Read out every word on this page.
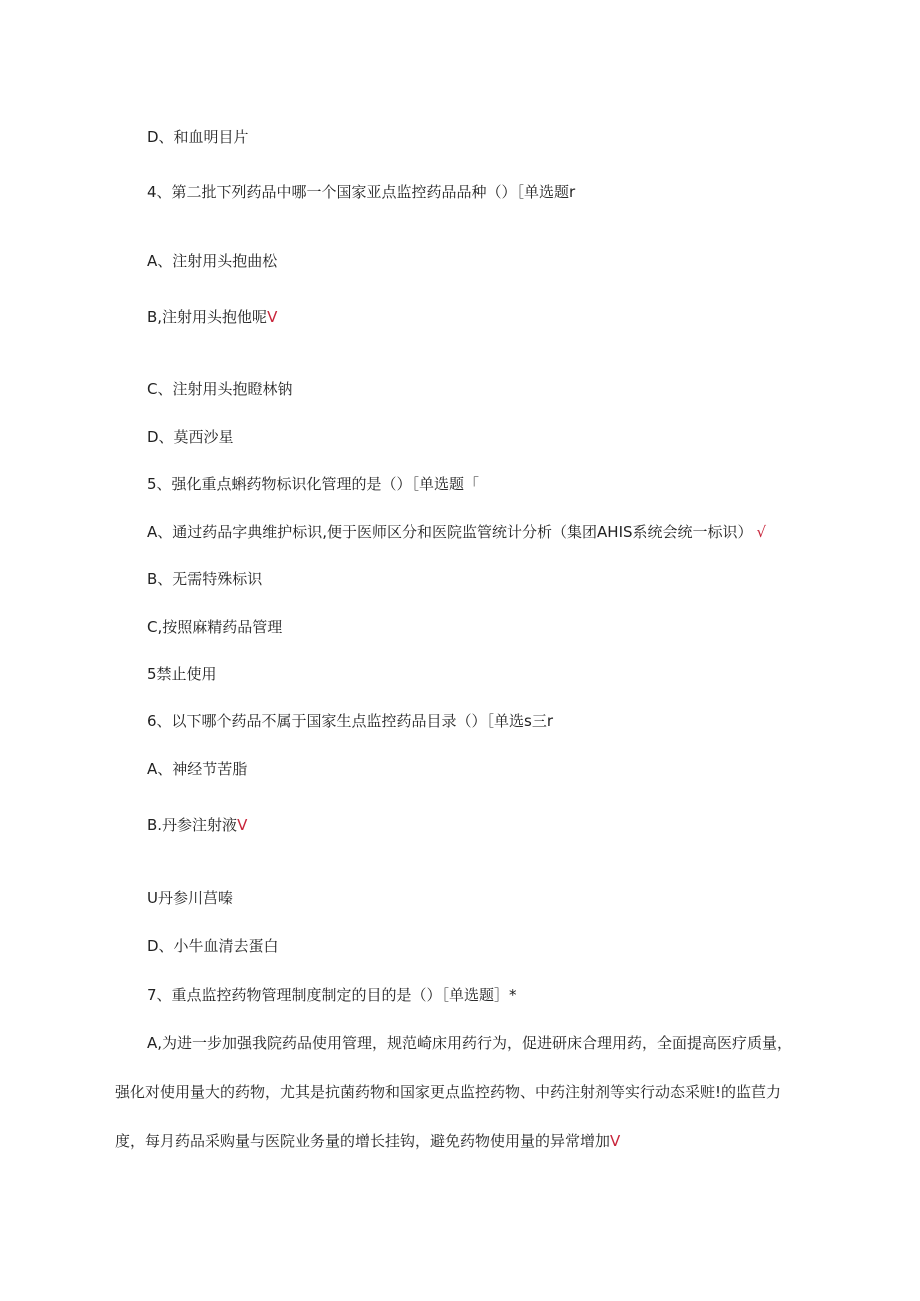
D、和血明目片
4、第二批下列药品中哪一个国家亚点监控药品品种（）［单选题r
A、注射用头抱曲松
B,注射用头抱他呢V
C、注射用头抱瞪林钠
D、莫西沙星
5、强化重点蝌药物标识化管理的是（）［单选题「
A、通过药品字典维护标识,便于医师区分和医院监管统计分析（集团AHIS系统会统一标识） √
B、无需特殊标识
C,按照麻精药品管理
5禁止使用
6、以下哪个药品不属于国家生点监控药品目录（）［单选s三r
A、神经节苦脂
B.丹参注射液V
U丹参川莒嗪
D、小牛血清去蛋白
7、重点监控药物管理制度制定的目的是（）［单选题］*
A,为进一步加强我院药品使用管理，规范崎床用药行为，促进研床合理用药，全面提高医疗质量，
强化对使用量大的药物，尤其是抗菌药物和国家更点监控药物、中药注射剂等实行动态采赃!的监苣力
度，每月药品采购量与医院业务量的增长挂钩，避免药物使用量的异常增加V
